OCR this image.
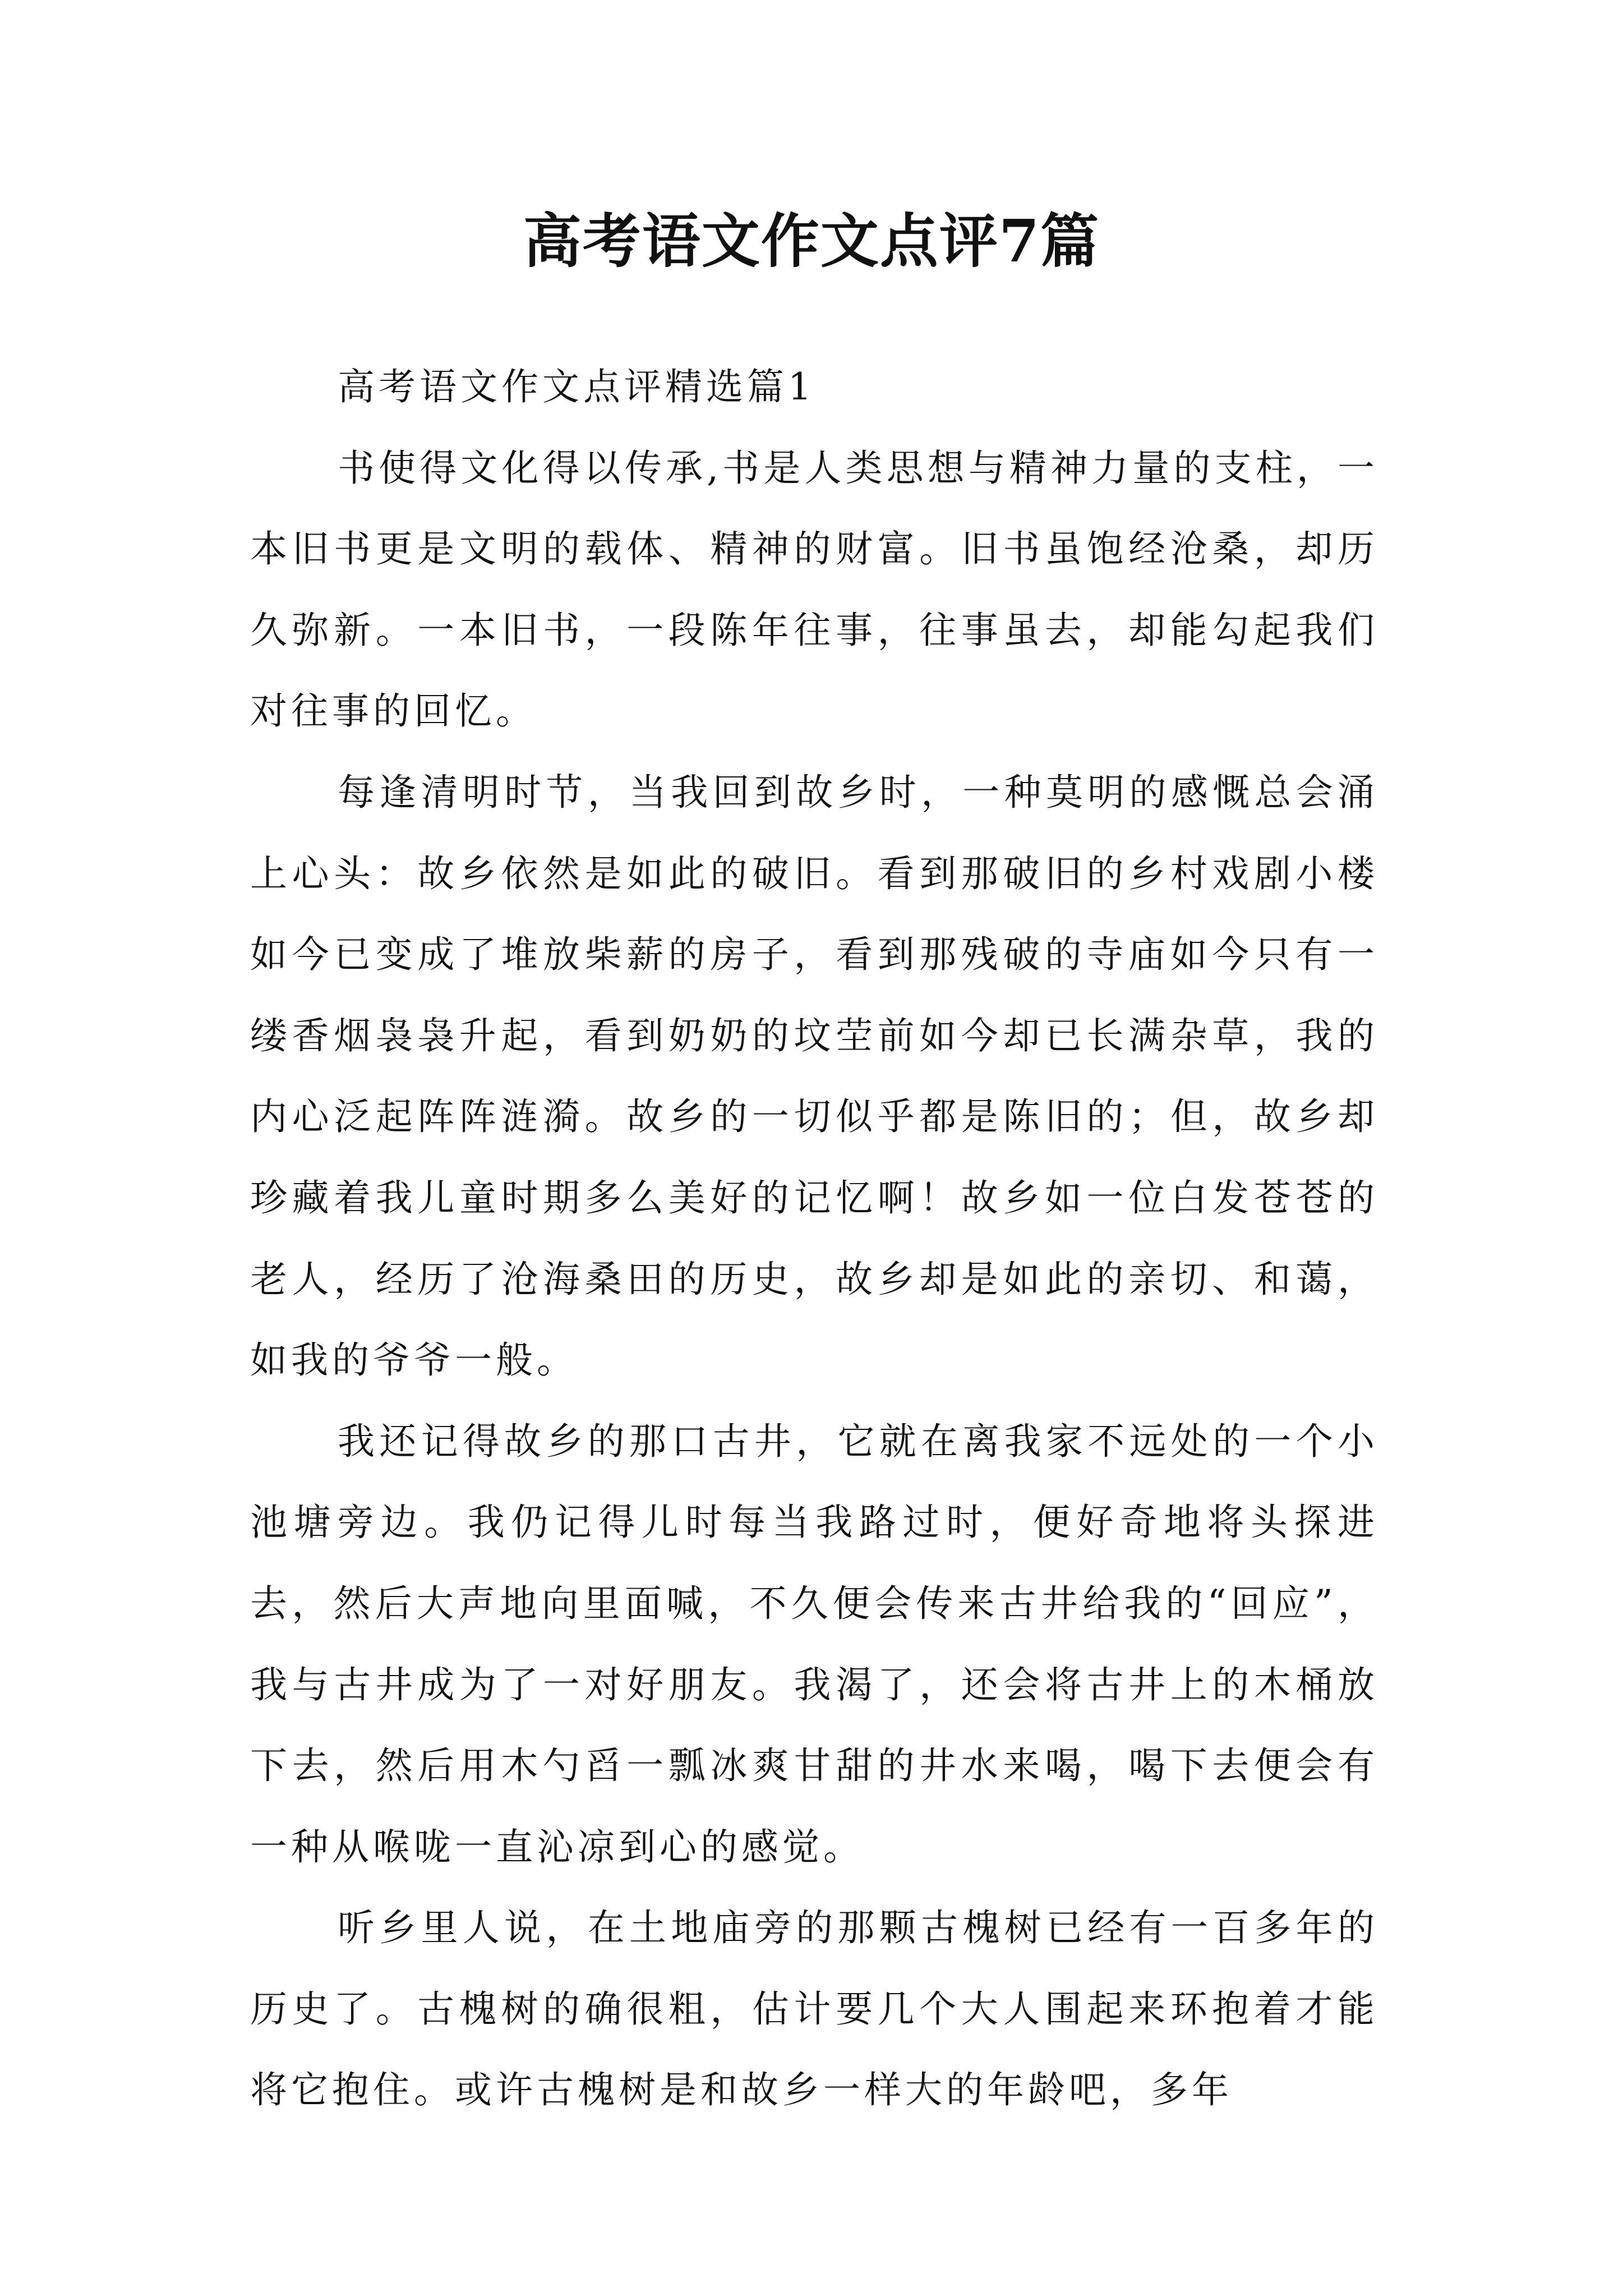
高考语文作文点评7篇

高考语文作文点评精选篇1

书使得文化得以传承,书是人类思想与精神力量的支柱，一本旧书更是文明的载体、精神的财富。旧书虽饱经沧桑，却历久弥新。一本旧书，一段陈年往事，往事虽去，却能勾起我们对往事的回忆。

每逢清明时节，当我回到故乡时，一种莫明的感慨总会涌上心头：故乡依然是如此的破旧。看到那破旧的乡村戏剧小楼如今已变成了堆放柴薪的房子，看到那残破的寺庙如今只有一缕香烟袅袅升起，看到奶奶的坟茔前如今却已长满杂草，我的内心泛起阵阵涟漪。故乡的一切似乎都是陈旧的；但，故乡却珍藏着我儿童时期多么美好的记忆啊！故乡如一位白发苍苍的老人，经历了沧海桑田的历史，故乡却是如此的亲切、和蔼，如我的爷爷一般。

我还记得故乡的那口古井，它就在离我家不远处的一个小池塘旁边。我仍记得儿时每当我路过时，便好奇地将头探进去，然后大声地向里面喊，不久便会传来古井给我的“回应”，我与古井成为了一对好朋友。我渴了，还会将古井上的木桶放下去，然后用木勺舀一瓢冰爽甘甜的井水来喝，喝下去便会有一种从喉咙一直沁凉到心的感觉。

听乡里人说，在土地庙旁的那颗古槐树已经有一百多年的历史了。古槐树的确很粗，估计要几个大人围起来环抱着才能将它抱住。或许古槐树是和故乡一样大的年龄吧，多年
